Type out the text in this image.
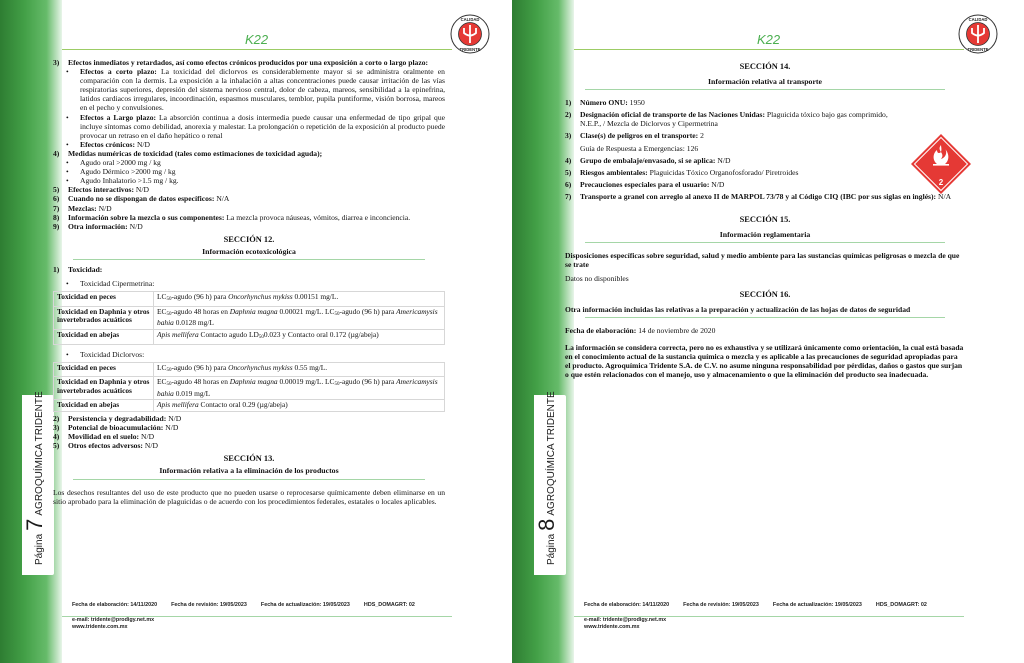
Página
7
AGROQUÍMICA TRIDENTE
K22
CALIDAD
TRIDENTE
3)	Efectos inmediatos y retardados, así como efectos crónicos producidos por una exposición a corto o largo plazo:
•	Efectos a corto plazo: La toxicidad del diclorvos es considerablemente mayor si se administra oralmente en comparación con la dermis. La exposición a la inhalación a altas concentraciones puede causar irritación de las vías respiratorias superiores, depresión del sistema nervioso central, dolor de cabeza, mareos, sensibilidad a la epinefrina, latidos cardiacos irregulares, incoordinación, espasmos musculares, temblor, pupila puntiforme, visión borrosa, mareos en el pecho y convulsiones.
•	Efectos a Largo plazo: La absorción continua a dosis intermedia puede causar una enfermedad de tipo gripal que incluye síntomas como debilidad, anorexia y malestar. La prolongación o repetición de la exposición al producto puede provocar un retraso en el daño hepático o renal
•	Efectos crónicos: N/D
4)	Medidas numéricas de toxicidad (tales como estimaciones de toxicidad aguda);
•	Agudo oral >2000 mg / kg
•	Agudo Dérmico >2000 mg / kg
•	Agudo Inhalatorio >1.5 mg / kg.
5)	Efectos interactivos: N/D
6)	Cuando no se dispongan de datos específicos: N/A
7)	Mezclas: N/D
8)	Información sobre la mezcla o sus componentes: La mezcla provoca náuseas, vómitos, diarrea e inconciencia.
9)	Otra información: N/D
SECCIÓN 12.
Información ecotoxicológica
1)	Toxicidad:
•	Toxicidad Cipermetrina:
Toxicidad en peces	$LC_{50}$-agudo (96 h) para Oncorhynchus mykiss 0.00151 mg/L.
Toxicidad en Daphnia y otros invertebrados acuáticos	$EC_{50}$-agudo 48 horas en Daphnia magna 0.00021 mg/L. $LC_{50}$-agudo (96 h) para Americamysis bahia 0.0128 mg/L
Toxicidad en abejas	Apis mellifera Contacto agudo $LD_{50}0.023$ y Contacto oral 0.172 (µg/abeja)
•	Toxicidad Diclorvos:
Toxicidad en peces	$LC_{50}$-agudo (96 h) para Oncorhynchus mykiss 0.55 mg/L.
Toxicidad en Daphnia y otros invertebrados acuáticos	$EC_{50}$-agudo 48 horas en Daphnia magna 0.00019 mg/L. $LC_{50}$-agudo (96 h) para Americamysis bahia 0.019 mg/L
Toxicidad en abejas	Apis mellifera Contacto oral 0.29 (µg/abeja)
2)	Persistencia y degradabilidad: N/D
3)	Potencial de bioacumulación: N/D
4)	Movilidad en el suelo: N/D
5)	Otros efectos adversos: N/D
SECCIÓN 13.
Información relativa a la eliminación de los productos
Los desechos resultantes del uso de este producto que no pueden usarse o reprocesarse químicamente deben eliminarse en un sitio aprobado para la eliminación de plaguicidas o de acuerdo con los procedimientos federales, estatales o locales aplicables.
Fecha de elaboración: 14/11/2020	Fecha de revisión: 19/05/2023	Fecha de actualización: 19/05/2023	HDS_DOMAGRT: 02
e-mail: tridente@prodigy.net.mx
www.tridente.com.mx
Página
8
AGROQUÍMICA TRIDENTE
K22
CALIDAD
TRIDENTE
SECCIÓN 14.
Información relativa al transporte
1)	Número ONU: 1950
2)	Designación oficial de transporte de las Naciones Unidas: Plaguicida tóxico bajo gas comprimido, N.E.P., / Mezcla de Diclorvos y Cipermetrina
3)	Clase(s) de peligros en el transporte: 2
Guía de Respuesta a Emergencias: 126
4)	Grupo de embalaje/envasado, si se aplica: N/D
5)	Riesgos ambientales: Plaguicidas Tóxico Organofosforado/ Piretroides
6)	Precauciones especiales para el usuario: N/D
7)	Transporte a granel con arreglo al anexo II de MARPOL 73/78 y al Código CIQ (IBC por sus siglas en inglés): N/A
SECCIÓN 15.
Información reglamentaria
Disposiciones específicas sobre seguridad, salud y medio ambiente para las sustancias químicas peligrosas o mezcla de que se trate
Datos no disponibles
SECCIÓN 16.
Otra información incluidas las relativas a la preparación y actualización de las hojas de datos de seguridad
Fecha de elaboración: 14 de noviembre de 2020
La información se considera correcta, pero no es exhaustiva y se utilizará únicamente como orientación, la cual está basada en el conocimiento actual de la sustancia química o mezcla y es aplicable a las precauciones de seguridad apropiadas para el producto. Agroquímica Tridente S.A. de C.V. no asume ninguna responsabilidad por pérdidas, daños o gastos que surjan o que estén relacionados con el manejo, uso y almacenamiento o que la eliminación del producto sea inadecuada.
2
Fecha de elaboración: 14/11/2020	Fecha de revisión: 19/05/2023	Fecha de actualización: 19/05/2023	HDS_DOMAGRT: 02
e-mail: tridente@prodigy.net.mx
www.tridente.com.mx
